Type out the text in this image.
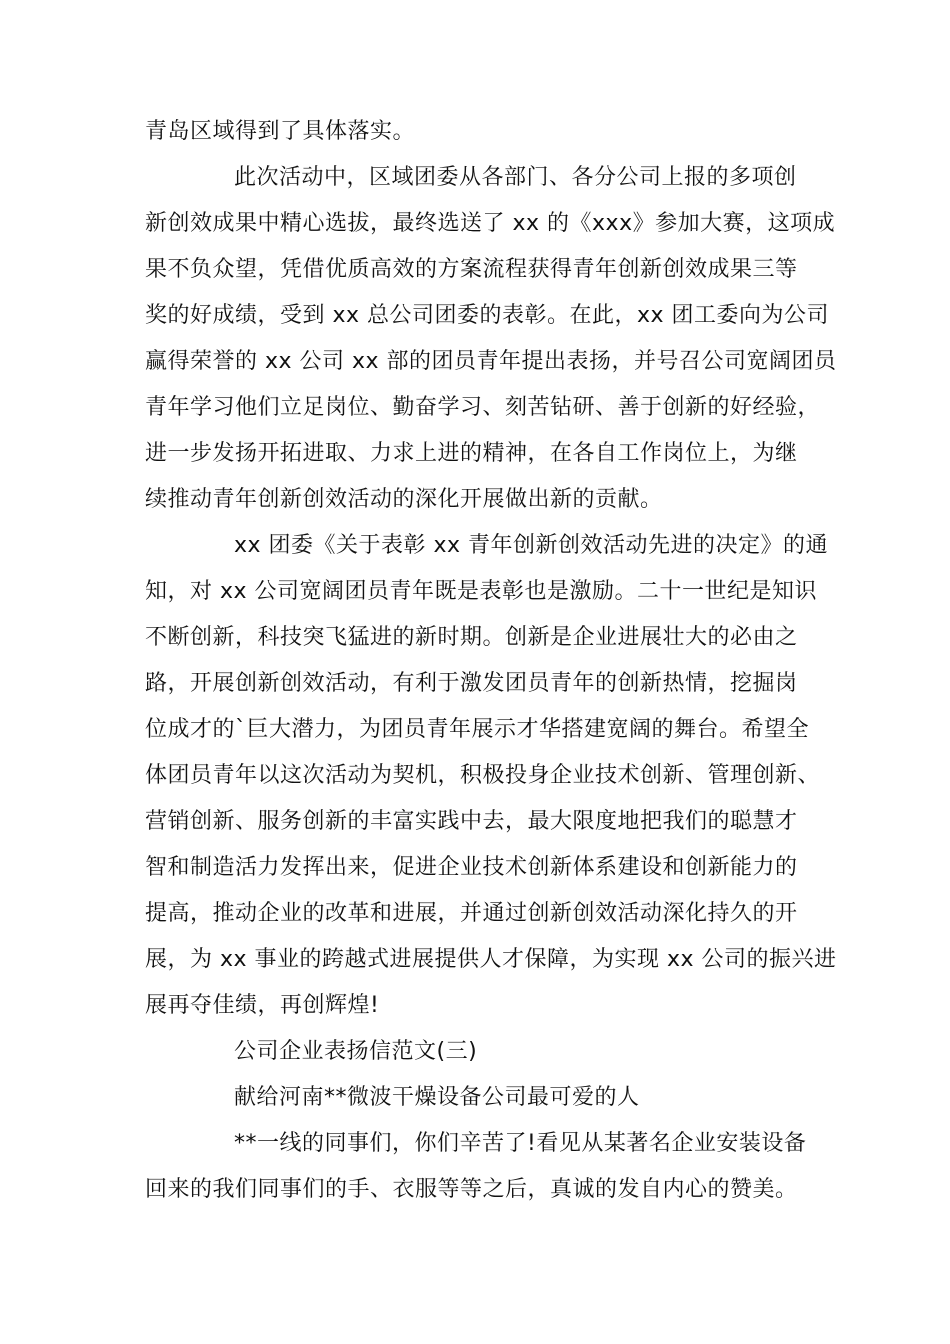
青岛区域得到了具体落实。
此次活动中，区域团委从各部门、各分公司上报的多项创
新创效成果中精心选拔，最终选送了 xx 的《xxx》参加大赛，这项成
果不负众望，凭借优质高效的方案流程获得青年创新创效成果三等
奖的好成绩，受到 xx 总公司团委的表彰。在此，xx 团工委向为公司
赢得荣誉的 xx 公司 xx 部的团员青年提出表扬，并号召公司宽阔团员
青年学习他们立足岗位、勤奋学习、刻苦钻研、善于创新的好经验，
进一步发扬开拓进取、力求上进的精神，在各自工作岗位上，为继
续推动青年创新创效活动的深化开展做出新的贡献。
xx 团委《关于表彰 xx 青年创新创效活动先进的决定》的通
知，对 xx 公司宽阔团员青年既是表彰也是激励。二十一世纪是知识
不断创新，科技突飞猛进的新时期。创新是企业进展壮大的必由之
路，开展创新创效活动，有利于激发团员青年的创新热情，挖掘岗
位成才的`巨大潜力，为团员青年展示才华搭建宽阔的舞台。希望全
体团员青年以这次活动为契机，积极投身企业技术创新、管理创新、
营销创新、服务创新的丰富实践中去，最大限度地把我们的聪慧才
智和制造活力发挥出来，促进企业技术创新体系建设和创新能力的
提高，推动企业的改革和进展，并通过创新创效活动深化持久的开
展，为 xx 事业的跨越式进展提供人才保障，为实现 xx 公司的振兴进
展再夺佳绩，再创辉煌!
公司企业表扬信范文(三)
献给河南**微波干燥设备公司最可爱的人
**一线的同事们，你们辛苦了!看见从某著名企业安装设备
回来的我们同事们的手、衣服等等之后，真诚的发自内心的赞美。
